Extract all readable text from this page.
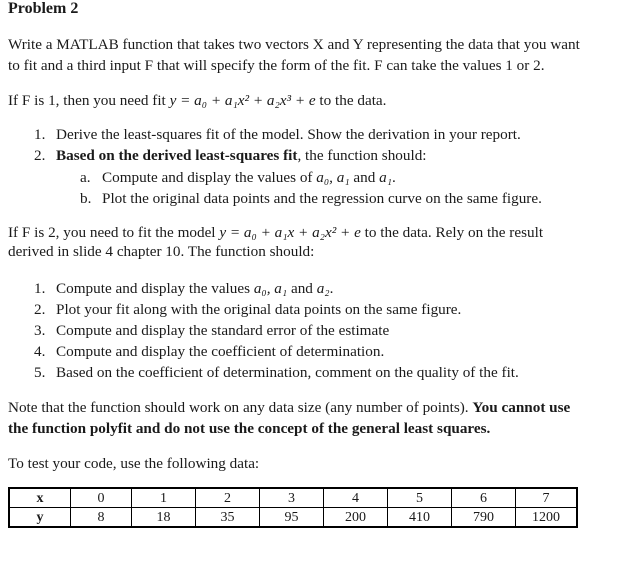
Problem 2
Write a MATLAB function that takes two vectors X and Y representing the data that you want
to fit and a third input F that will specify the form of the fit. F can take the values 1 or 2.
If F is 1, then you need fit y = a₀ + a₁x² + a₂x³ + e to the data.
1. Derive the least-squares fit of the model. Show the derivation in your report.
2. Based on the derived least-squares fit, the function should:
a. Compute and display the values of a₀, a₁ and a₁.
b. Plot the original data points and the regression curve on the same figure.
If F is 2, you need to fit the model y = a₀ + a₁x + a₂x² + e to the data. Rely on the result
derived in slide 4 chapter 10. The function should:
1. Compute and display the values a₀, a₁ and a₂.
2. Plot your fit along with the original data points on the same figure.
3. Compute and display the standard error of the estimate
4. Compute and display the coefficient of determination.
5. Based on the coefficient of determination, comment on the quality of the fit.
Note that the function should work on any data size (any number of points). You cannot use
the function polyfit and do not use the concept of the general least squares.
To test your code, use the following data:
x	0	1	2	3	4	5	6	7
y	8	18	35	95	200	410	790	1200
